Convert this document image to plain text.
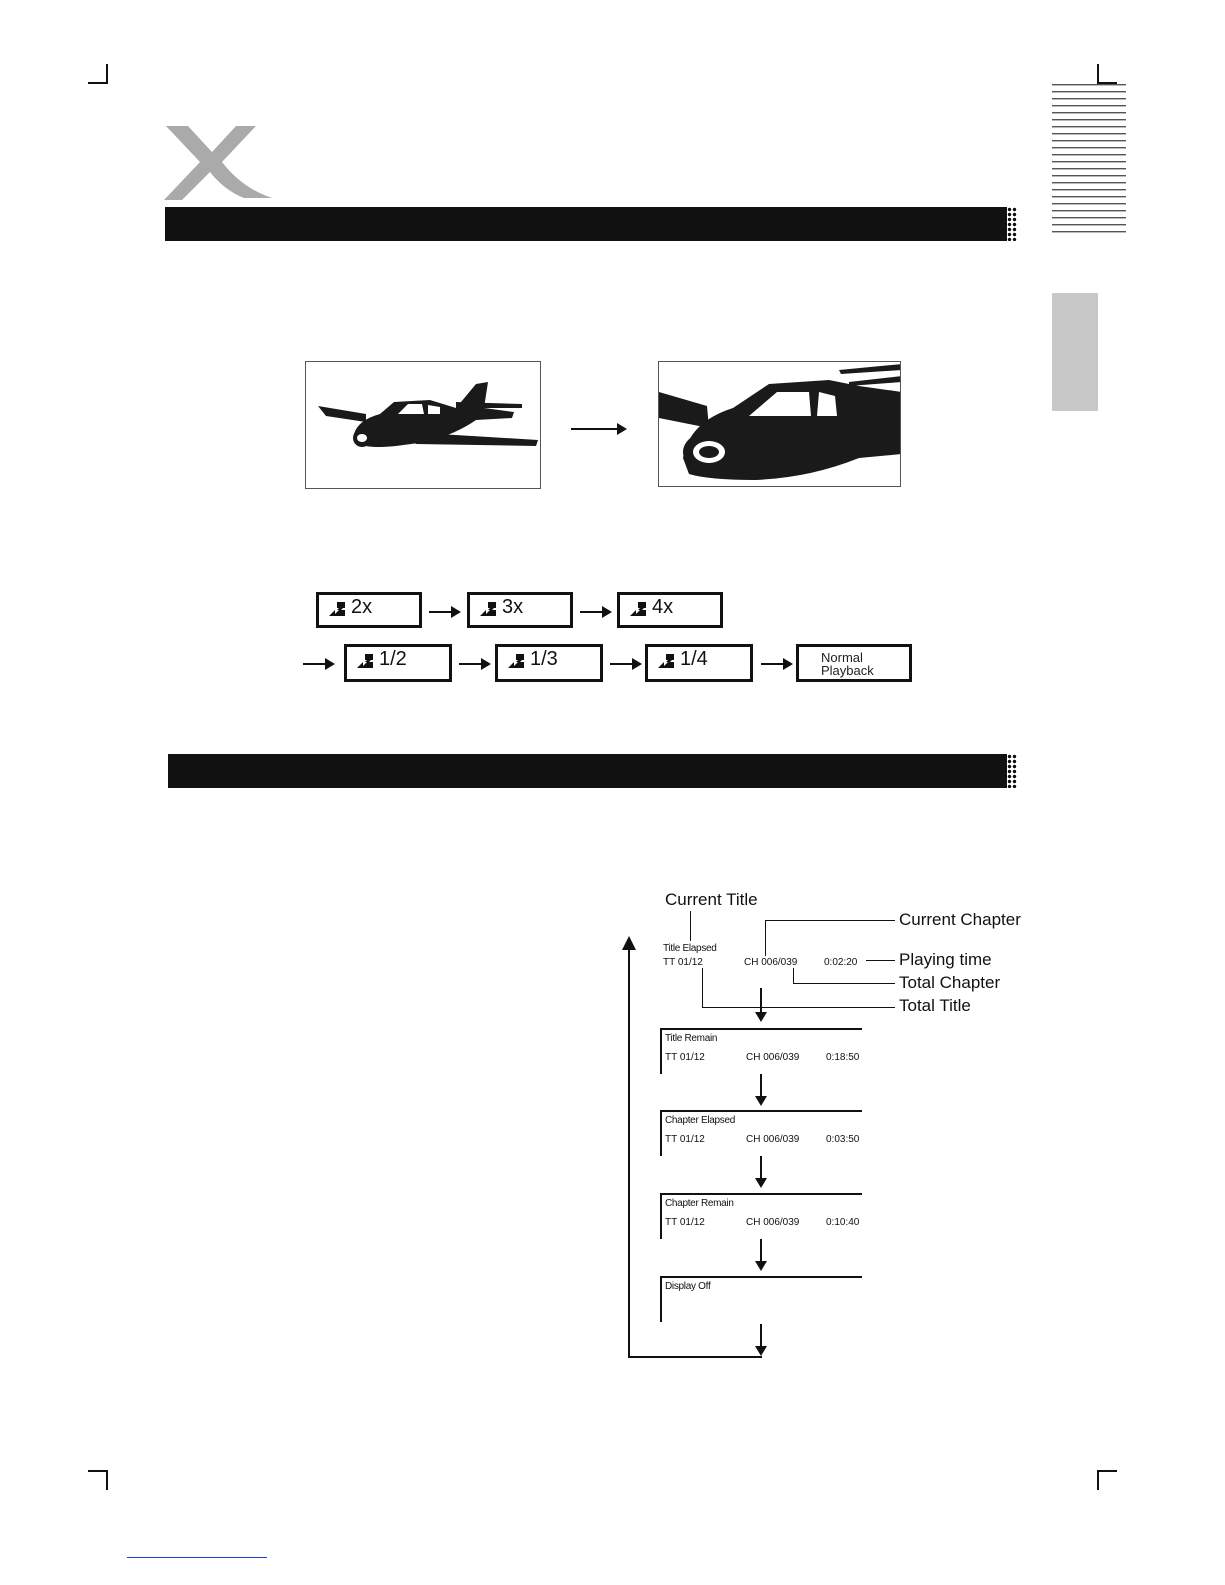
2x	3x	4x
1/2	1/3	1/4	Normal
Playback
Current Title
Current Chapter
Playing time
Total Chapter
Total Title
Title Elapsed
TT 01/12	CH 006/039	0:02:20
Title Remain
TT 01/12	CH 006/039	0:18:50
Chapter Elapsed
TT 01/12	CH 006/039	0:03:50
Chapter Remain
TT 01/12	CH 006/039	0:10:40
Display Off
